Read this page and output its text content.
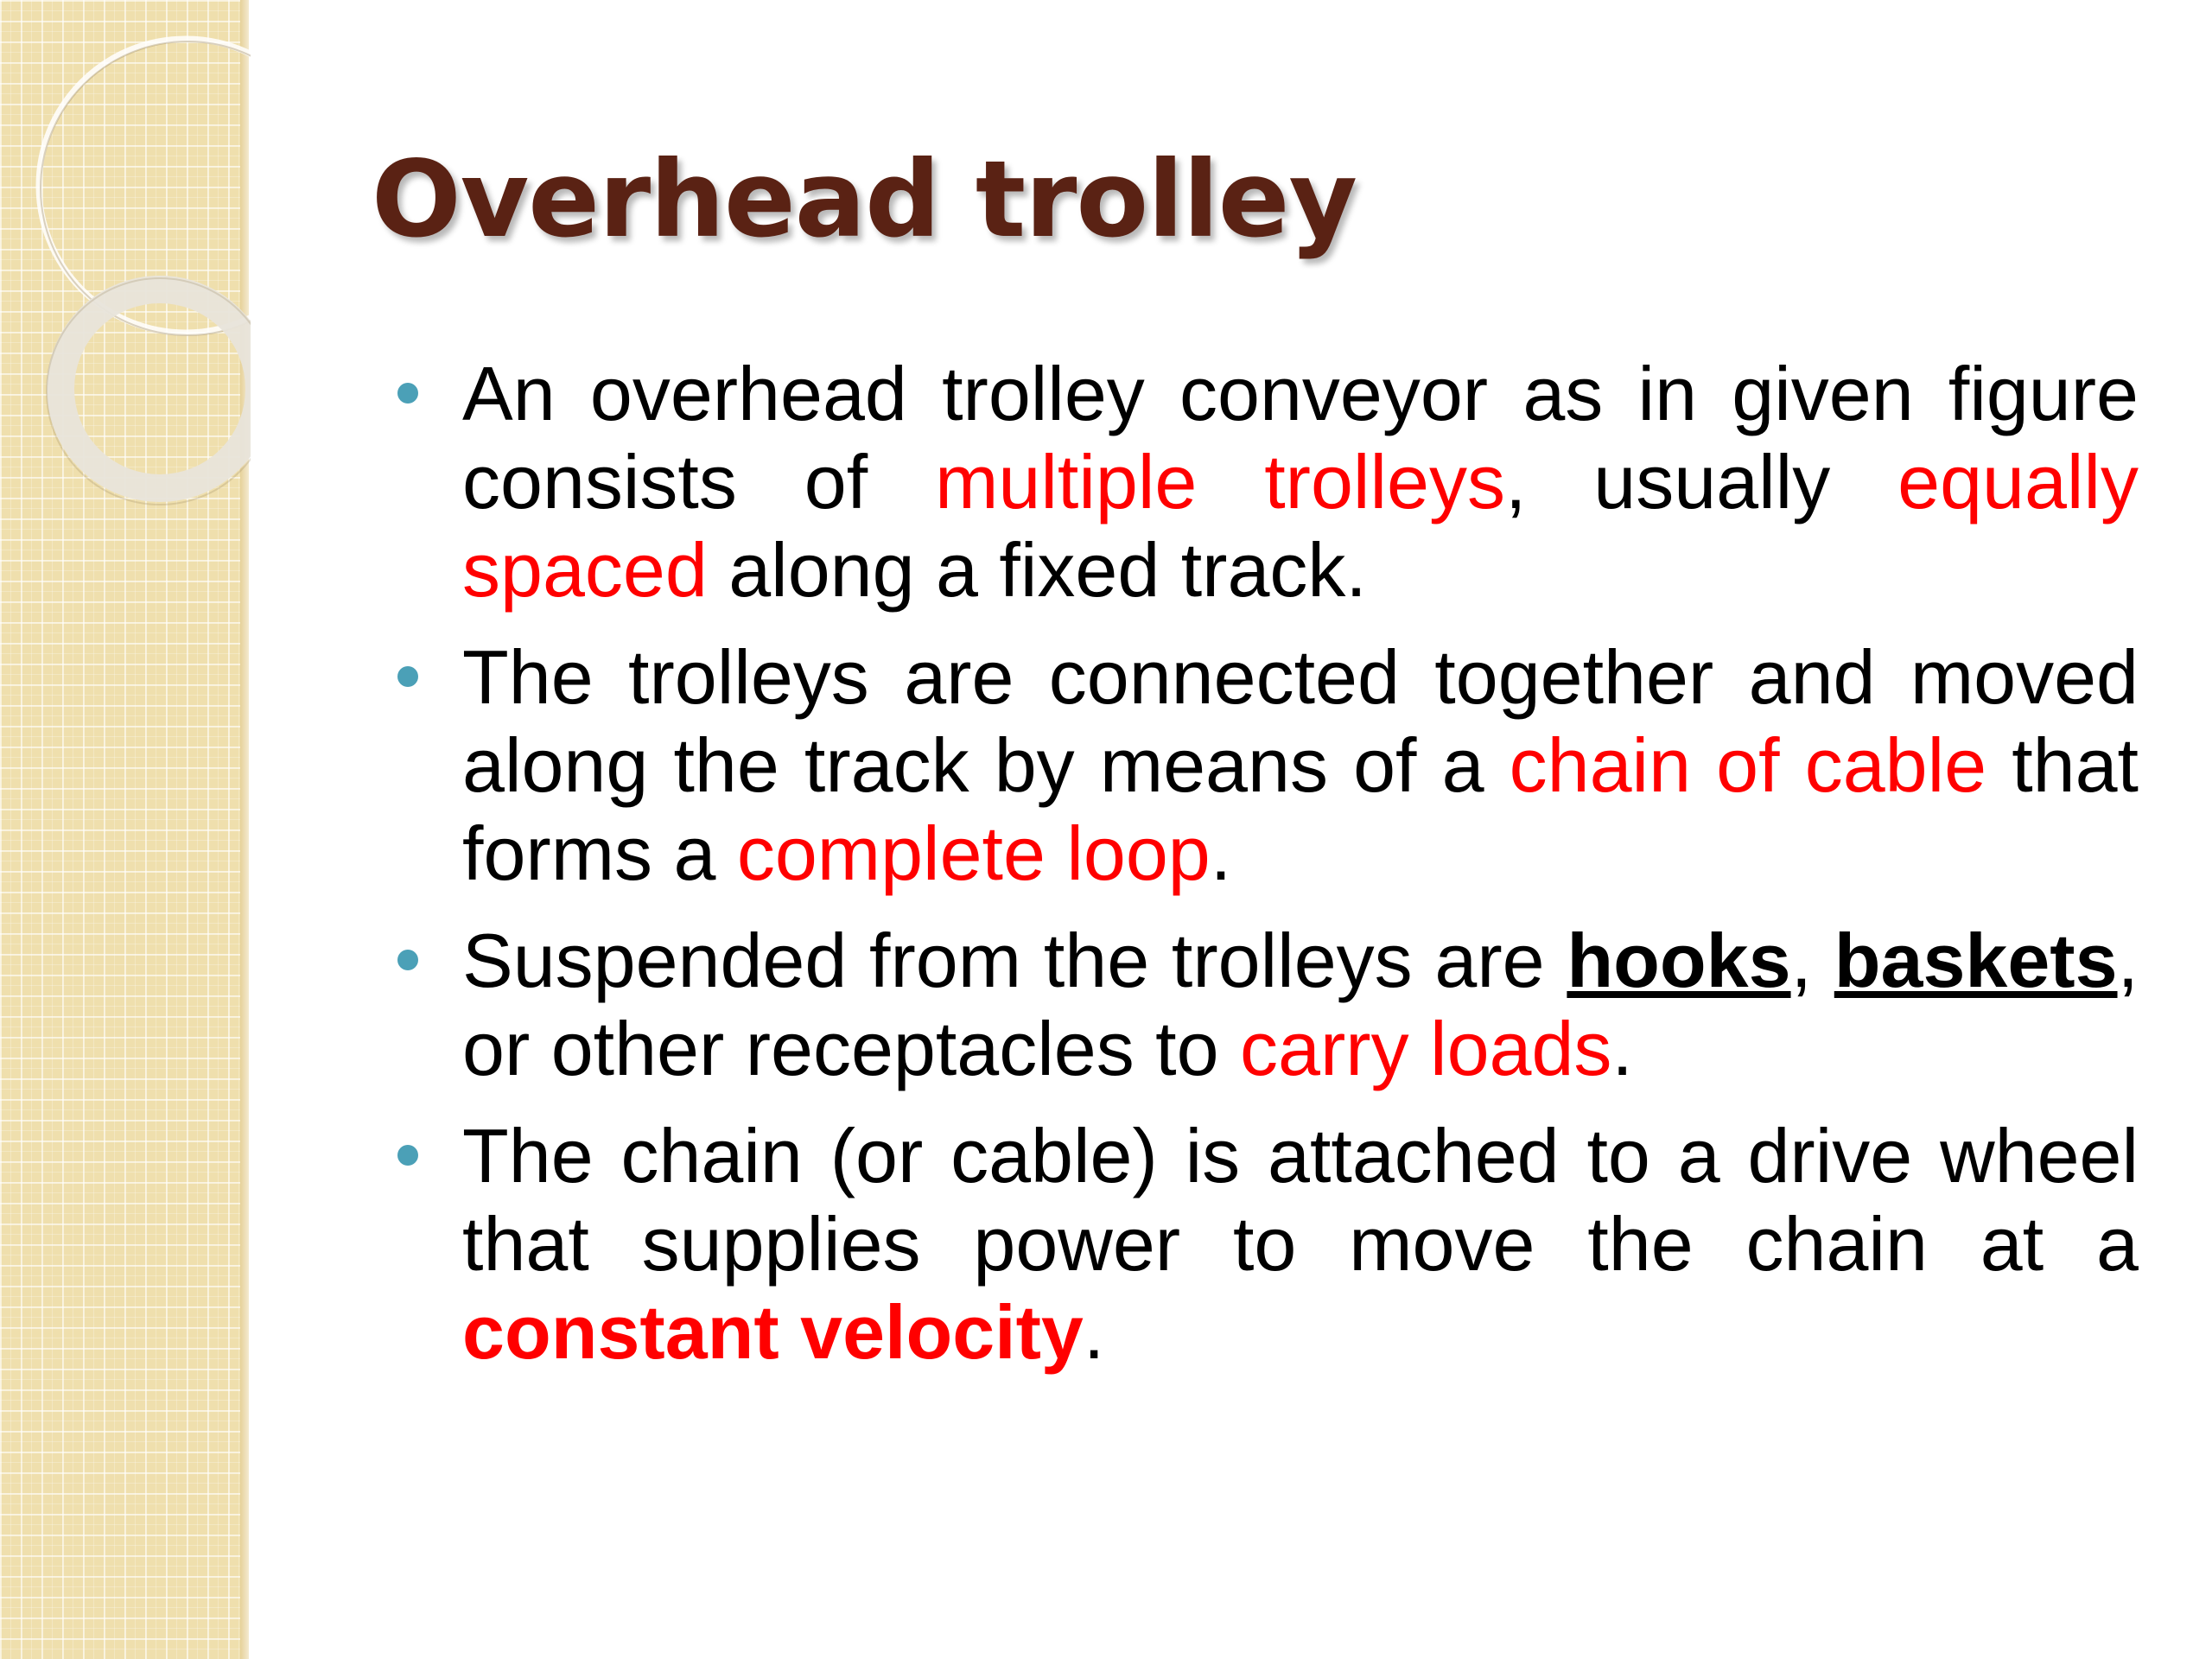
Overhead trolley
An overhead trolley conveyor as in given figure consists of multiple trolleys, usually equally spaced along a fixed track.
The trolleys are connected together and moved along the track by means of a chain of cable that forms a complete loop.
Suspended from the trolleys are hooks, baskets, or other receptacles to carry loads.
The chain (or cable) is attached to a drive wheel that supplies power to move the chain at a constant velocity.
